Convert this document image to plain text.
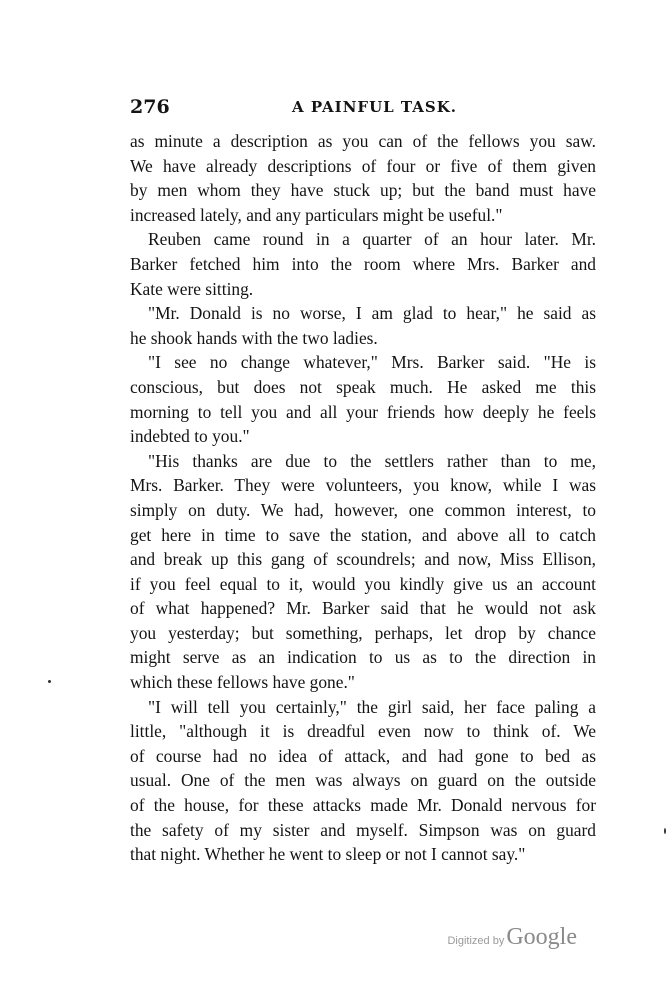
276	A PAINFUL TASK.
as minute a description as you can of the fellows you saw.
We have already descriptions of four or five of them given
by men whom they have stuck up; but the band must have
increased lately, and any particulars might be useful."
Reuben came round in a quarter of an hour later. Mr.
Barker fetched him into the room where Mrs. Barker and
Kate were sitting.
"Mr. Donald is no worse, I am glad to hear," he said as
he shook hands with the two ladies.
"I see no change whatever," Mrs. Barker said. "He is
conscious, but does not speak much. He asked me this
morning to tell you and all your friends how deeply he feels
indebted to you."
"His thanks are due to the settlers rather than to me,
Mrs. Barker. They were volunteers, you know, while I was
simply on duty. We had, however, one common interest, to
get here in time to save the station, and above all to catch
and break up this gang of scoundrels; and now, Miss Ellison,
if you feel equal to it, would you kindly give us an account
of what happened? Mr. Barker said that he would not ask
you yesterday; but something, perhaps, let drop by chance
might serve as an indication to us as to the direction in
which these fellows have gone."
"I will tell you certainly," the girl said, her face paling a
little, "although it is dreadful even now to think of. We
of course had no idea of attack, and had gone to bed as
usual. One of the men was always on guard on the outside
of the house, for these attacks made Mr. Donald nervous for
the safety of my sister and myself. Simpson was on guard
that night. Whether he went to sleep or not I cannot say."
Digitized by Google
